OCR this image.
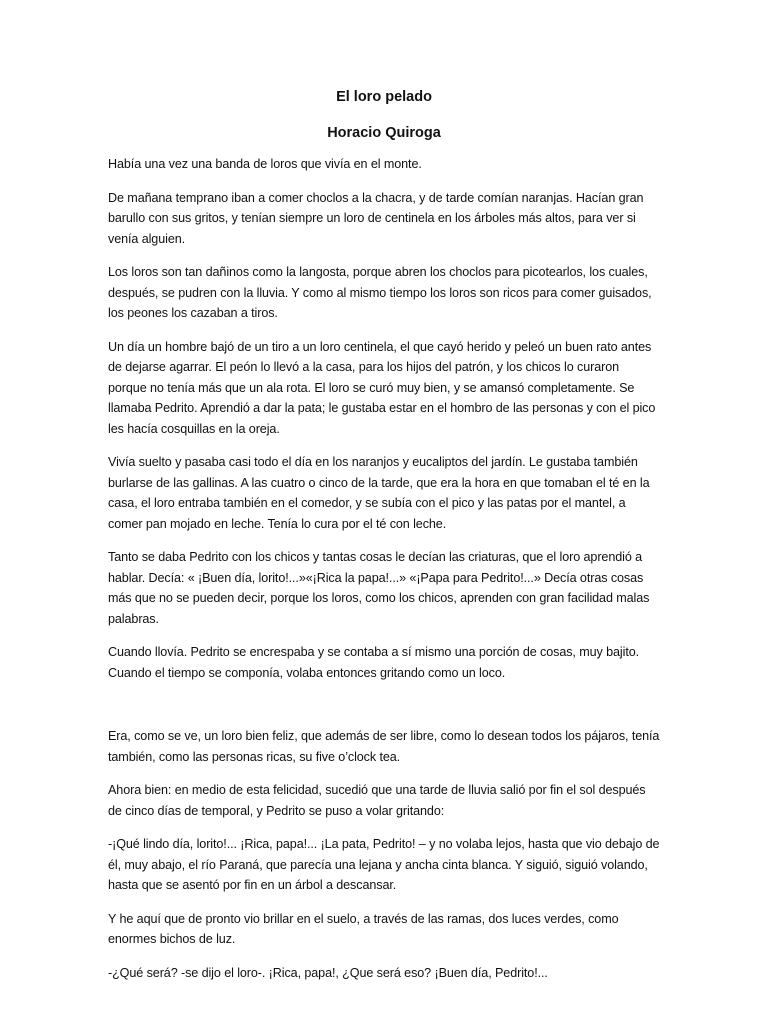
El loro pelado
Horacio Quiroga

Había una vez una banda de loros que vivía en el monte.

De mañana temprano iban a comer choclos a la chacra, y de tarde comían naranjas. Hacían gran barullo con sus gritos, y tenían siempre un loro de centinela en los árboles más altos, para ver si venía alguien.

Los loros son tan dañinos como la langosta, porque abren los choclos para picotearlos, los cuales, después, se pudren con la lluvia. Y como al mismo tiempo los loros son ricos para comer guisados, los peones los cazaban a tiros.

Un día un hombre bajó de un tiro a un loro centinela, el que cayó herido y peleó un buen rato antes de dejarse agarrar. El peón lo llevó a la casa, para los hijos del patrón, y los chicos lo curaron porque no tenía más que un ala rota. El loro se curó muy bien, y se amansó completamente. Se llamaba Pedrito. Aprendió a dar la pata; le gustaba estar en el hombro de las personas y con el pico les hacía cosquillas en la oreja.

Vivía suelto y pasaba casi todo el día en los naranjos y eucaliptos del jardín. Le gustaba también burlarse de las gallinas. A las cuatro o cinco de la tarde, que era la hora en que tomaban el té en la casa, el loro entraba también en el comedor, y se subía con el pico y las patas por el mantel, a comer pan mojado en leche. Tenía lo cura por el té con leche.

Tanto se daba Pedrito con los chicos y tantas cosas le decían las criaturas, que el loro aprendió a hablar. Decía: « ¡Buen día, lorito!...»«¡Rica la papa!...» «¡Papa para Pedrito!...» Decía otras cosas más que no se pueden decir, porque los loros, como los chicos, aprenden con gran facilidad malas palabras.

Cuando llovía. Pedrito se encrespaba y se contaba a sí mismo una porción de cosas, muy bajito. Cuando el tiempo se componía, volaba entonces gritando como un loco.

Era, como se ve, un loro bien feliz, que además de ser libre, como lo desean todos los pájaros, tenía también, como las personas ricas, su five o’clock tea.

Ahora bien: en medio de esta felicidad, sucedió que una tarde de lluvia salió por fin el sol después de cinco días de temporal, y Pedrito se puso a volar gritando:

-¡Qué lindo día, lorito!... ¡Rica, papa!... ¡La pata, Pedrito! – y no volaba lejos, hasta que vio debajo de él, muy abajo, el río Paraná, que parecía una lejana y ancha cinta blanca. Y siguió, siguió volando, hasta que se asentó por fin en un árbol a descansar.

Y he aquí que de pronto vio brillar en el suelo, a través de las ramas, dos luces verdes, como enormes bichos de luz.

-¿Qué será? -se dijo el loro-. ¡Rica, papa!, ¿Que será eso? ¡Buen día, Pedrito!...
